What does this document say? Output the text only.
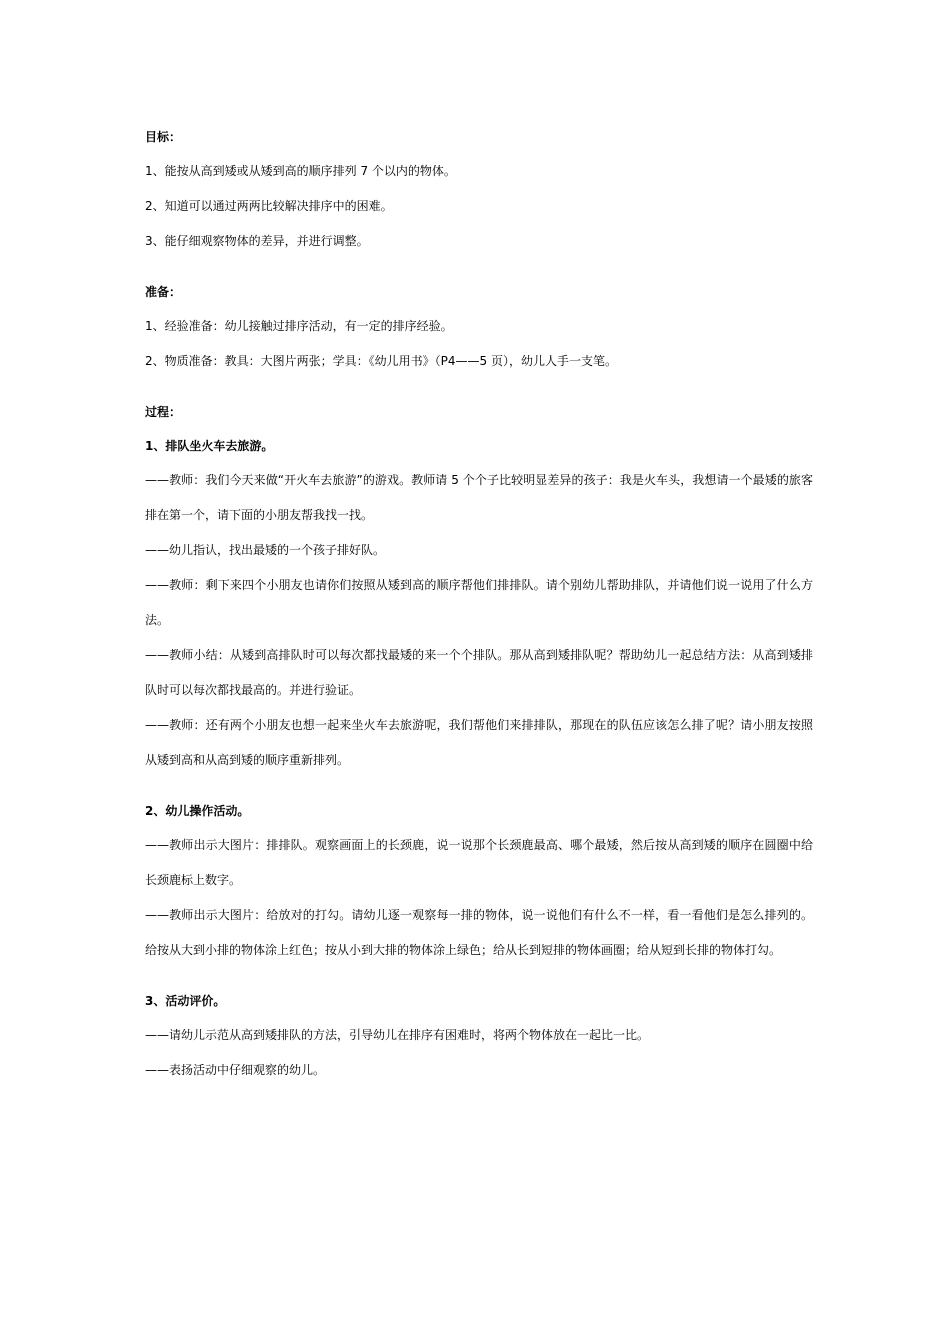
目标：

1、能按从高到矮或从矮到高的顺序排列 7 个以内的物体。

2、知道可以通过两两比较解决排序中的困难。

3、能仔细观察物体的差异，并进行调整。

准备：

1、经验准备：幼儿接触过排序活动，有一定的排序经验。

2、物质准备：教具：大图片两张；学具：《幼儿用书》（P4——5 页），幼儿人手一支笔。

过程：

1、排队坐火车去旅游。

——教师：我们今天来做“开火车去旅游”的游戏。教师请 5 个个子比较明显差异的孩子：我是火车头，我想请一个最矮的旅客排在第一个，请下面的小朋友帮我找一找。

——幼儿指认，找出最矮的一个孩子排好队。

——教师：剩下来四个小朋友也请你们按照从矮到高的顺序帮他们排排队。请个别幼儿帮助排队，并请他们说一说用了什么方法。

——教师小结：从矮到高排队时可以每次都找最矮的来一个个排队。那从高到矮排队呢？帮助幼儿一起总结方法：从高到矮排队时可以每次都找最高的。并进行验证。

——教师：还有两个小朋友也想一起来坐火车去旅游呢，我们帮他们来排排队，那现在的队伍应该怎么排了呢？请小朋友按照从矮到高和从高到矮的顺序重新排列。

2、幼儿操作活动。

——教师出示大图片：排排队。观察画面上的长颈鹿，说一说那个长颈鹿最高、哪个最矮，然后按从高到矮的顺序在圆圈中给长颈鹿标上数字。

——教师出示大图片：给放对的打勾。请幼儿逐一观察每一排的物体，说一说他们有什么不一样，看一看他们是怎么排列的。给按从大到小排的物体涂上红色；按从小到大排的物体涂上绿色；给从长到短排的物体画圈；给从短到长排的物体打勾。

3、活动评价。

——请幼儿示范从高到矮排队的方法，引导幼儿在排序有困难时，将两个物体放在一起比一比。

——表扬活动中仔细观察的幼儿。
